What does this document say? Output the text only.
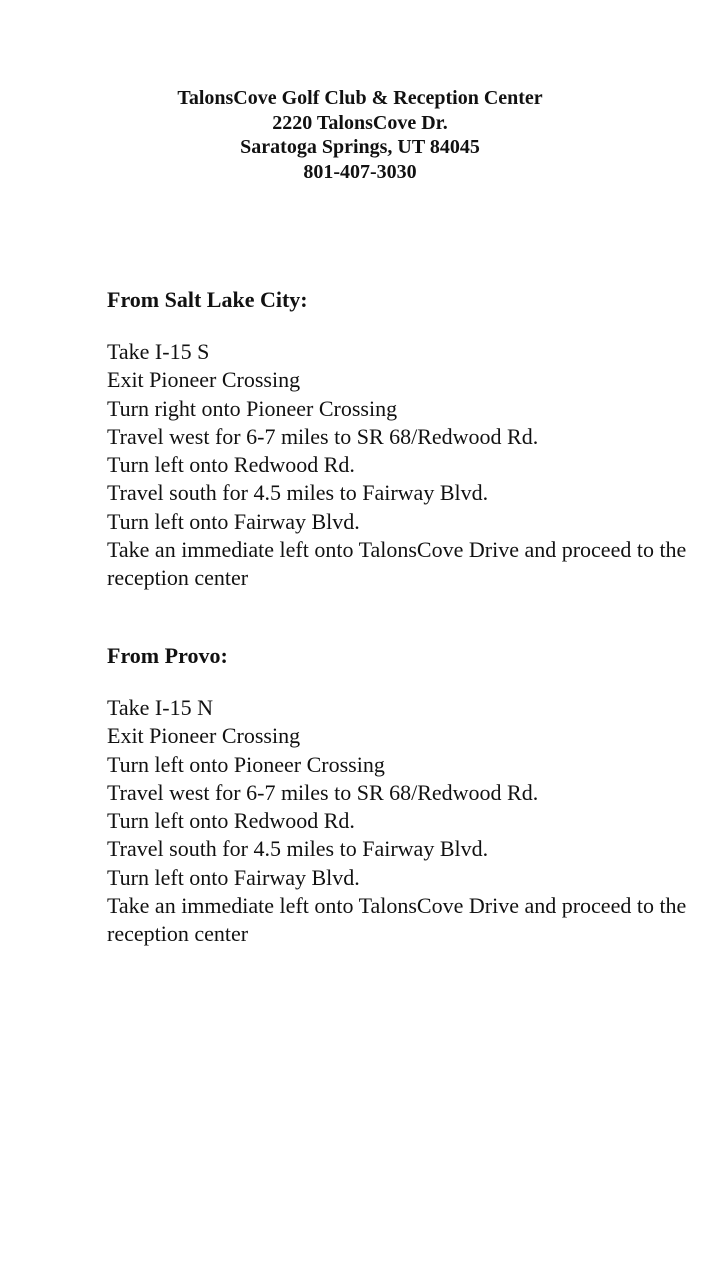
TalonsCove Golf Club & Reception Center
2220 TalonsCove Dr.
Saratoga Springs, UT 84045
801-407-3030
From Salt Lake City:
Take I-15 S
Exit Pioneer Crossing
Turn right onto Pioneer Crossing
Travel west for 6-7 miles to SR 68/Redwood Rd.
Turn left onto Redwood Rd.
Travel south for 4.5 miles to Fairway Blvd.
Turn left onto Fairway Blvd.
Take an immediate left onto TalonsCove Drive and proceed to the reception center
From Provo:
Take I-15 N
Exit Pioneer Crossing
Turn left onto Pioneer Crossing
Travel west for 6-7 miles to SR 68/Redwood Rd.
Turn left onto Redwood Rd.
Travel south for 4.5 miles to Fairway Blvd.
Turn left onto Fairway Blvd.
Take an immediate left onto TalonsCove Drive and proceed to the reception center
